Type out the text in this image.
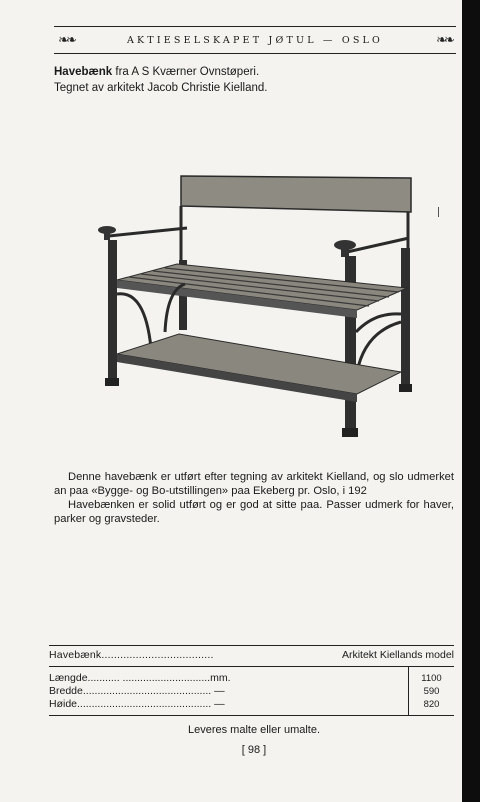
❧❧	AKTIESELSKAPET JØTUL — OSLO	❧❧
Havebænk fra A S Kværner Ovnstøperi.
Tegnet av arkitekt Jacob Christie Kielland.

Denne havebænk er utført efter tegning av arkitekt Kielland, og slo udmerket an paa «Bygge- og Bo-utstillingen» paa Ekeberg pr. Oslo, i 192

Havebænken er solid utført og er god at sitte paa. Passer udmerk for haver, parker og gravsteder.

Havebænk....................................	Arkitekt Kiellands model
Længde........... ..............................mm.	1100
Bredde............................................ —	590
Høide.............................................. —	820
Leveres malte eller umalte.
[ 98 ]
